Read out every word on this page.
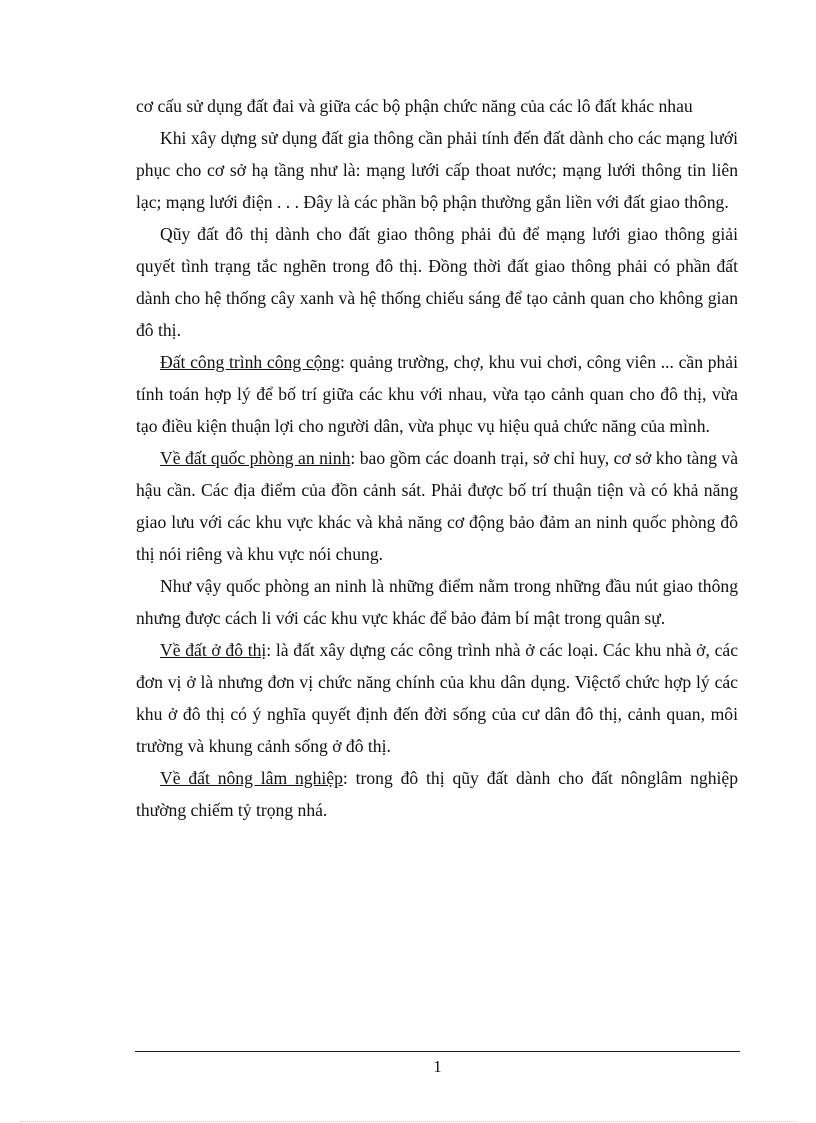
cơ cấu sử dụng đất đai và giữa các bộ phận chức năng của các lô đất khác nhau

Khi xây dựng sử dụng đất gia thông cần phải tính đến đất dành cho các mạng lưới phục cho cơ sở hạ tầng như là: mạng lưới cấp thoat nước; mạng lưới thông tin liên lạc; mạng lưới điện . . . Đây là các phần bộ phận thường gắn liền với đất giao thông.

Qũy đất đô thị dành cho đất giao thông phải đủ để mạng lưới giao thông giải quyết tình trạng tắc nghẽn trong đô thị. Đồng thời đất giao thông phải có phần đất dành cho hệ thống cây xanh và hệ thống chiếu sáng để tạo cảnh quan cho không gian đô thị.

Đất công trình công cộng: quảng trường, chợ, khu vui chơi, công viên ... cần phải tính toán hợp lý để bố trí giữa các khu với nhau, vừa tạo cảnh quan cho đô thị, vừa tạo điều kiện thuận lợi cho người dân, vừa phục vụ hiệu quả chức năng của mình.

Về đất quốc phòng an ninh: bao gồm các doanh trại, sở chỉ huy, cơ sở kho tàng và hậu cần. Các địa điểm của đồn cảnh sát. Phải được bố trí thuận tiện và có khả năng giao lưu với các khu vực khác và khả năng cơ động bảo đảm an ninh quốc phòng đô thị nói riêng và khu vực nói chung.

Như vậy quốc phòng an ninh là những điểm nằm trong những đầu nút giao thông nhưng được cách li với các khu vực khác để bảo đảm bí mật trong quân sự.

Về đất ở đô thị: là đất xây dựng các công trình nhà ở các loại. Các khu nhà ở, các đơn vị ở là nhưng đơn vị chức năng chính của khu dân dụng. Việctổ chức hợp lý các khu ở đô thị có ý nghĩa quyết định đến đời sống của cư dân đô thị, cảnh quan, môi trường và khung cảnh sống ở đô thị.

Về đất nông lâm nghiệp: trong đô thị qũy đất dành cho đất nônglâm nghiệp thường chiếm tỷ trọng nhá.

1
